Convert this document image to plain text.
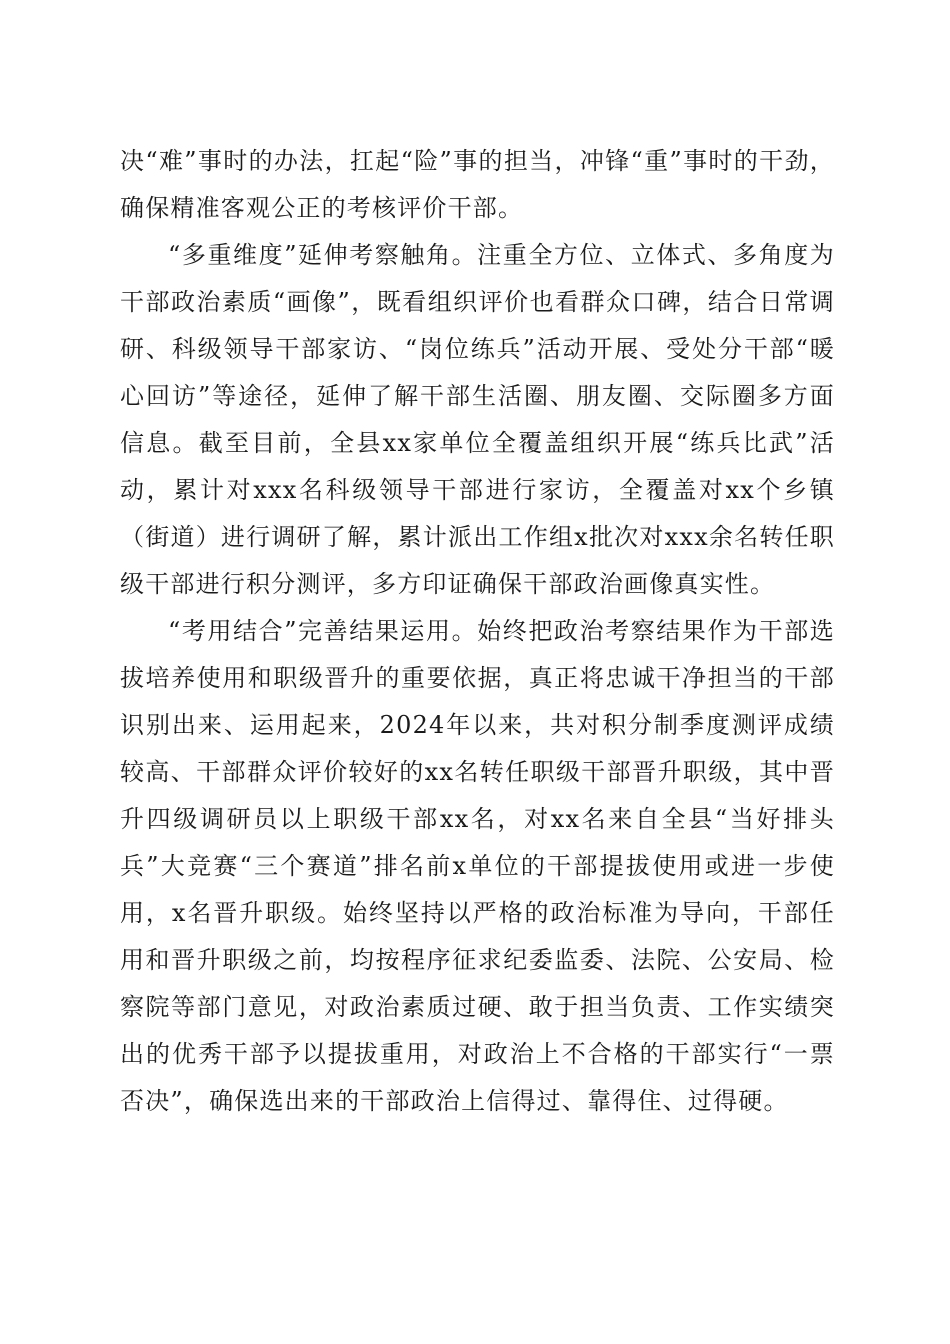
决“难”事时的办法，扛起“险”事的担当，冲锋“重”事时的干劲，确保精准客观公正的考核评价干部。

“多重维度”延伸考察触角。注重全方位、立体式、多角度为干部政治素质“画像”，既看组织评价也看群众口碑，结合日常调研、科级领导干部家访、“岗位练兵”活动开展、受处分干部“暖心回访”等途径，延伸了解干部生活圈、朋友圈、交际圈多方面信息。截至目前，全县xx家单位全覆盖组织开展“练兵比武”活动，累计对xxx名科级领导干部进行家访，全覆盖对xx个乡镇（街道）进行调研了解，累计派出工作组x批次对xxx余名转任职级干部进行积分测评，多方印证确保干部政治画像真实性。

“考用结合”完善结果运用。始终把政治考察结果作为干部选拔培养使用和职级晋升的重要依据，真正将忠诚干净担当的干部识别出来、运用起来，2024年以来，共对积分制季度测评成绩较高、干部群众评价较好的xx名转任职级干部晋升职级，其中晋升四级调研员以上职级干部xx名，对xx名来自全县“当好排头兵”大竞赛“三个赛道”排名前x单位的干部提拔使用或进一步使用，x名晋升职级。始终坚持以严格的政治标准为导向，干部任用和晋升职级之前，均按程序征求纪委监委、法院、公安局、检察院等部门意见，对政治素质过硬、敢于担当负责、工作实绩突出的优秀干部予以提拔重用，对政治上不合格的干部实行“一票否决”，确保选出来的干部政治上信得过、靠得住、过得硬。
